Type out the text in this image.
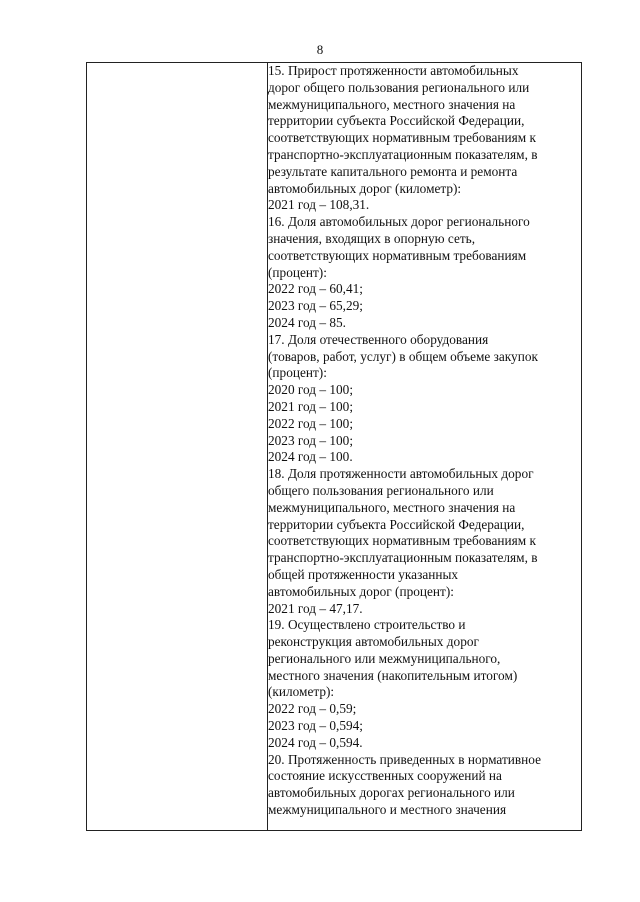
8

15. Прирост протяженности автомобильных
дорог общего пользования регионального или
межмуниципального, местного значения на
территории субъекта Российской Федерации,
соответствующих нормативным требованиям к
транспортно-эксплуатационным показателям, в
результате капитального ремонта и ремонта
автомобильных дорог (километр):
2021 год – 108,31.
16. Доля автомобильных дорог регионального
значения, входящих в опорную сеть,
соответствующих нормативным требованиям
(процент):
2022 год – 60,41;
2023 год – 65,29;
2024 год – 85.
17. Доля отечественного оборудования
(товаров, работ, услуг) в общем объеме закупок
(процент):
2020 год – 100;
2021 год – 100;
2022 год – 100;
2023 год – 100;
2024 год – 100.
18. Доля протяженности автомобильных дорог
общего пользования регионального или
межмуниципального, местного значения на
территории субъекта Российской Федерации,
соответствующих нормативным требованиям к
транспортно-эксплуатационным показателям, в
общей протяженности указанных
автомобильных дорог (процент):
2021 год – 47,17.
19. Осуществлено строительство и
реконструкция автомобильных дорог
регионального или межмуниципального,
местного значения (накопительным итогом)
(километр):
2022 год – 0,59;
2023 год – 0,594;
2024 год – 0,594.
20. Протяженность приведенных в нормативное
состояние искусственных сооружений на
автомобильных дорогах регионального или
межмуниципального и местного значения
